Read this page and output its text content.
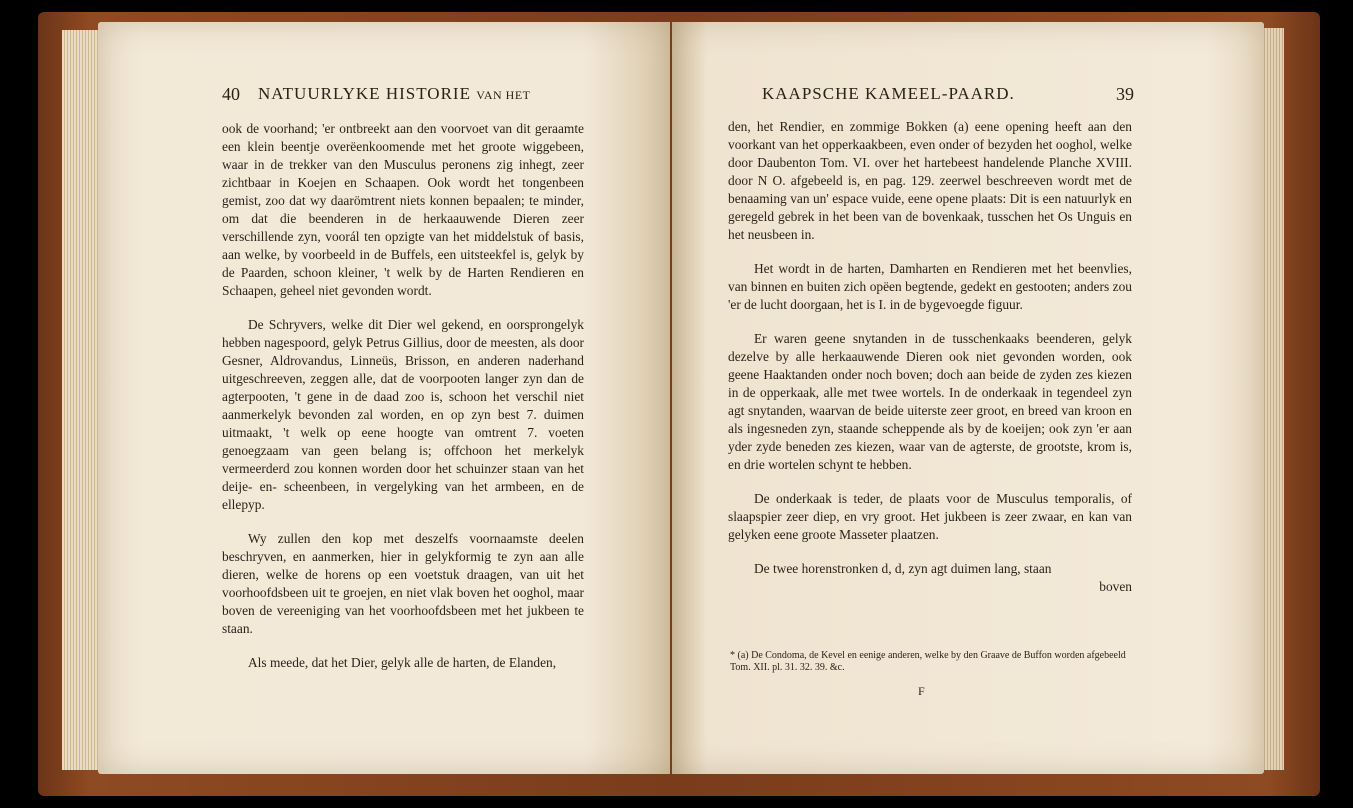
40 NATUURLYKE HISTORIE VAN HET

ook de voorhand; 'er ontbreekt aan den voorvoet van dit geraamte een klein beentje overëenkoomende met het groote wiggebeen, waar in de trekker van den Musculus peronens zig inhegt, zeer zichtbaar in Koejen en Schaapen. Ook wordt het tongenbeen gemist, zoo dat wy daarömtrent niets konnen bepaalen; te minder, om dat die beenderen in de herkaauwende Dieren zeer verschillende zyn, voorál ten opzigte van het middelstuk of basis, aan welke, by voorbeeld in de Buffels, een uitsteekfel is, gelyk by de Paarden, schoon kleiner, 't welk by de Harten Rendieren en Schaapen, geheel niet gevonden wordt.

De Schryvers, welke dit Dier wel gekend, en oorsprongelyk hebben nagespoord, gelyk Petrus Gillius, door de meesten, als door Gesner, Aldrovandus, Linneüs, Brisson, en anderen naderhand uitgeschreeven, zeggen alle, dat de voorpooten langer zyn dan de agterpooten, 't gene in de daad zoo is, schoon het verschil niet aanmerkelyk bevonden zal worden, en op zyn best 7. duimen uitmaakt, 't welk op eene hoogte van omtrent 7. voeten genoegzaam van geen belang is; offchoon het merkelyk vermeerderd zou konnen worden door het schuinzer staan van het deije- en- scheenbeen, in vergelyking van het armbeen, en de ellepyp.

Wy zullen den kop met deszelfs voornaamste deelen beschryven, en aanmerken, hier in gelykformig te zyn aan alle dieren, welke de horens op een voetstuk draagen, van uit het voorhoofdsbeen uit te groejen, en niet vlak boven het ooghol, maar boven de vereeniging van het voorhoofdsbeen met het jukbeen te staan.

Als meede, dat het Dier, gelyk alle de harten, de Elanden,

KAAPSCHE KAMEEL-PAARD.	39

den, het Rendier, en zommige Bokken (a) eene opening heeft aan den voorkant van het opperkaakbeen, even onder of bezyden het ooghol, welke door Daubenton Tom. VI. over het hartebeest handelende Planche XVIII. door N O. afgebeeld is, en pag. 129. zeerwel beschreeven wordt met de benaaming van un' espace vuide, eene opene plaats: Dit is een natuurlyk en geregeld gebrek in het been van de bovenkaak, tusschen het Os Unguis en het neusbeen in.

Het wordt in de harten, Damharten en Rendieren met het beenvlies, van binnen en buiten zich opëen begtende, gedekt en gestooten; anders zou 'er de lucht doorgaan, het is I. in de bygevoegde figuur.

Er waren geene snytanden in de tusschenkaaks beenderen, gelyk dezelve by alle herkaauwende Dieren ook niet gevonden worden, ook geene Haaktanden onder noch boven; doch aan beide de zyden zes kiezen in de opperkaak, alle met twee wortels. In de onderkaak in tegendeel zyn agt snytanden, waarvan de beide uiterste zeer groot, en breed van kroon en als ingesneden zyn, staande scheppende als by de koeijen; ook zyn 'er aan yder zyde beneden zes kiezen, waar van de agterste, de grootste, krom is, en drie wortelen schynt te hebben.

De onderkaak is teder, de plaats voor de Musculus temporalis, of slaapspier zeer diep, en vry groot. Het jukbeen is zeer zwaar, en kan van gelyken eene groote Masseter plaatzen.

De twee horenstronken d, d, zyn agt duimen lang, staan

boven
* (a) De Condoma, de Kevel en eenige anderen, welke by den Graave de Buffon worden afgebeeld Tom. XII. pl. 31. 32. 39. &c.
F
